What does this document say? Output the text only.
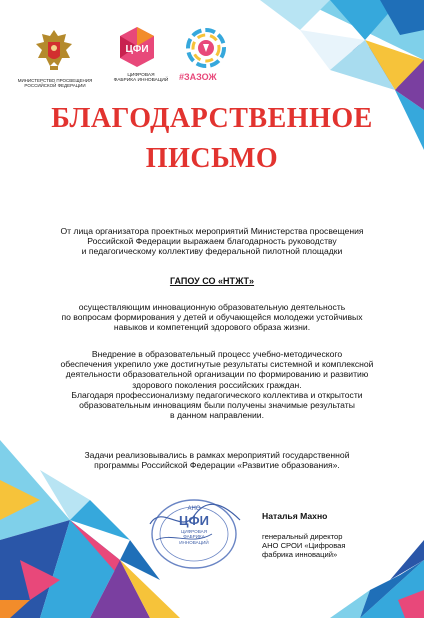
МИНИСТЕРСТВО ПРОСВЕЩЕНИЯ
РОССИЙСКОЙ ФЕДЕРАЦИИ
ЦФИ
ЦИФРОВАЯ
ФАБРИКА ИННОВАЦИЙ #ЗАЗОЖ
БЛАГОДАРСТВЕННОЕ
ПИСЬМО
От лица организатора проектных мероприятий Министерства просвещения
Российской Федерации выражаем благодарность руководству
и педагогическому коллективу федеральной пилотной площадки
ГАПОУ СО «НТЖТ»
осуществляющим инновационную образовательную деятельность
по вопросам формирования у детей и обучающейся молодежи устойчивых
навыков и компетенций здорового образа жизни.
Внедрение в образовательный процесс учебно-методического
обеспечения укрепило уже достигнутые результаты системной и комплексной
деятельности образовательной организации по формированию и развитию
здорового поколения российских граждан.
Благодаря профессионализму педагогического коллектива и открытости
образовательным инновациям были получены значимые результаты
в данном направлении.
Задачи реализовывались в рамках мероприятий государственной
программы Российской Федерации «Развитие образования».
АНО
ЦФИ
ЦИФРОВАЯ
ФАБРИКА
ИННОВАЦИЙ
Наталья Махно
генеральный директор
АНО СРОИ «Цифровая
фабрика инноваций»
